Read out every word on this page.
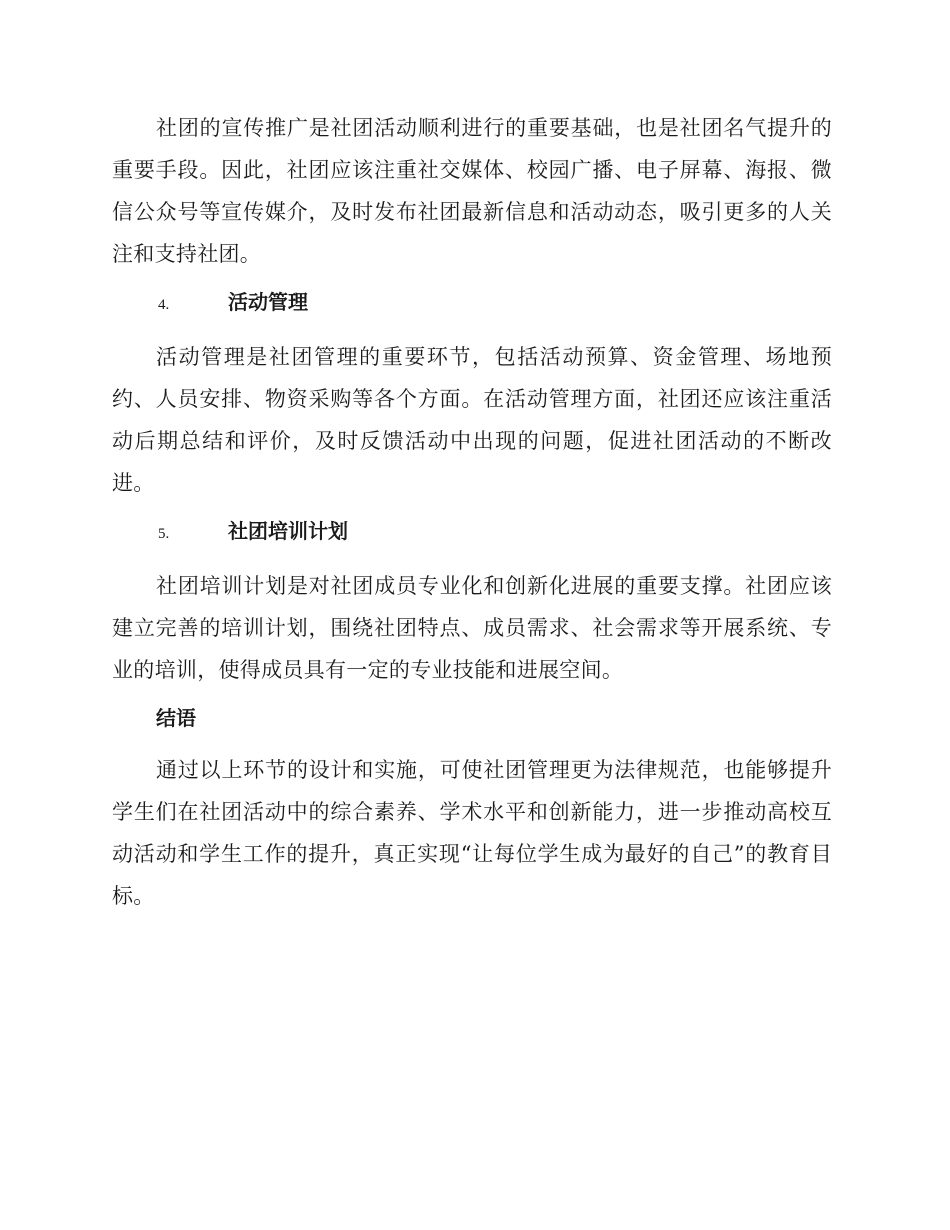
社团的宣传推广是社团活动顺利进行的重要基础，也是社团名气提升的重要手段。因此，社团应该注重社交媒体、校园广播、电子屏幕、海报、微信公众号等宣传媒介，及时发布社团最新信息和活动动态，吸引更多的人关注和支持社团。

4.	活动管理

活动管理是社团管理的重要环节，包括活动预算、资金管理、场地预约、人员安排、物资采购等各个方面。在活动管理方面，社团还应该注重活动后期总结和评价，及时反馈活动中出现的问题，促进社团活动的不断改进。

5.	社团培训计划

社团培训计划是对社团成员专业化和创新化进展的重要支撑。社团应该建立完善的培训计划，围绕社团特点、成员需求、社会需求等开展系统、专业的培训，使得成员具有一定的专业技能和进展空间。

结语

通过以上环节的设计和实施，可使社团管理更为法律规范，也能够提升学生们在社团活动中的综合素养、学术水平和创新能力，进一步推动高校互动活动和学生工作的提升，真正实现“让每位学生成为最好的自己”的教育目标。
